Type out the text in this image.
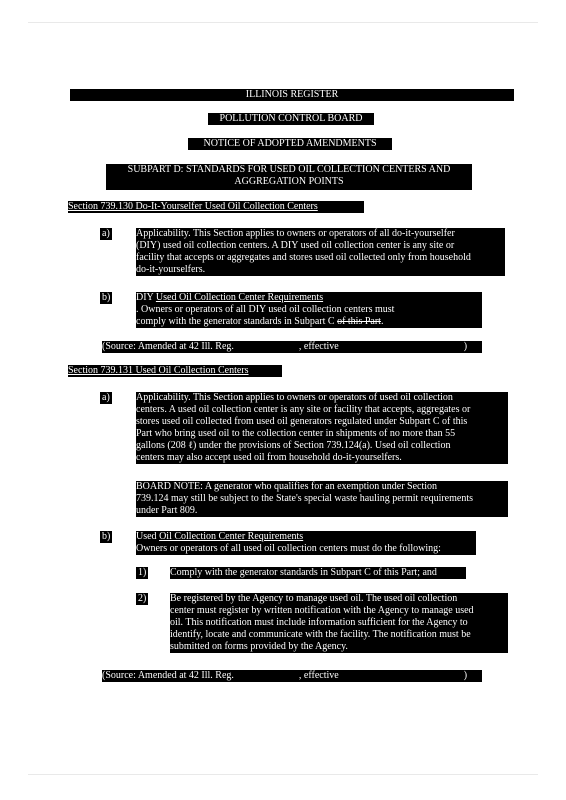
ILLINOIS REGISTER
POLLUTION CONTROL BOARD
NOTICE OF ADOPTED AMENDMENTS
SUBPART D: STANDARDS FOR USED OIL COLLECTION CENTERS AND
AGGREGATION POINTS
Section 739.130 Do-It-Yourselfer Used Oil Collection Centers
a)	Applicability. This Section applies to owners or operators of all do-it-yourselfer
(DIY) used oil collection centers. A DIY used oil collection center is any site or
facility that accepts or aggregates and stores used oil collected only from household
do-it-yourselfers.
b)	DIY Used Oil Collection Center Requirements
. Owners or operators of all DIY used oil collection centers must
comply with the generator standards in Subpart C of this Part.
(Source: Amended at 42 Ill. Reg.	, effective	)
Section 739.131 Used Oil Collection Centers
a)	Applicability. This Section applies to owners or operators of used oil collection
centers. A used oil collection center is any site or facility that accepts, aggregates or
stores used oil collected from used oil generators regulated under Subpart C of this
Part who bring used oil to the collection center in shipments of no more than 55
gallons (208 ℓ) under the provisions of Section 739.124(a). Used oil collection
centers may also accept used oil from household do-it-yourselfers.
BOARD NOTE: A generator who qualifies for an exemption under Section
739.124 may still be subject to the State's special waste hauling permit requirements
under Part 809.
b)	Used Oil Collection Center Requirements
Owners or operators of all used oil collection centers must do the following:
1) Comply with the generator standards in Subpart C of this Part; and
2) Be registered by the Agency to manage used oil. The used oil collection
center must register by written notification with the Agency to manage used
oil. This notification must include information sufficient for the Agency to
identify, locate and communicate with the facility. The notification must be
submitted on forms provided by the Agency.
(Source: Amended at 42 Ill. Reg.	, effective	)
